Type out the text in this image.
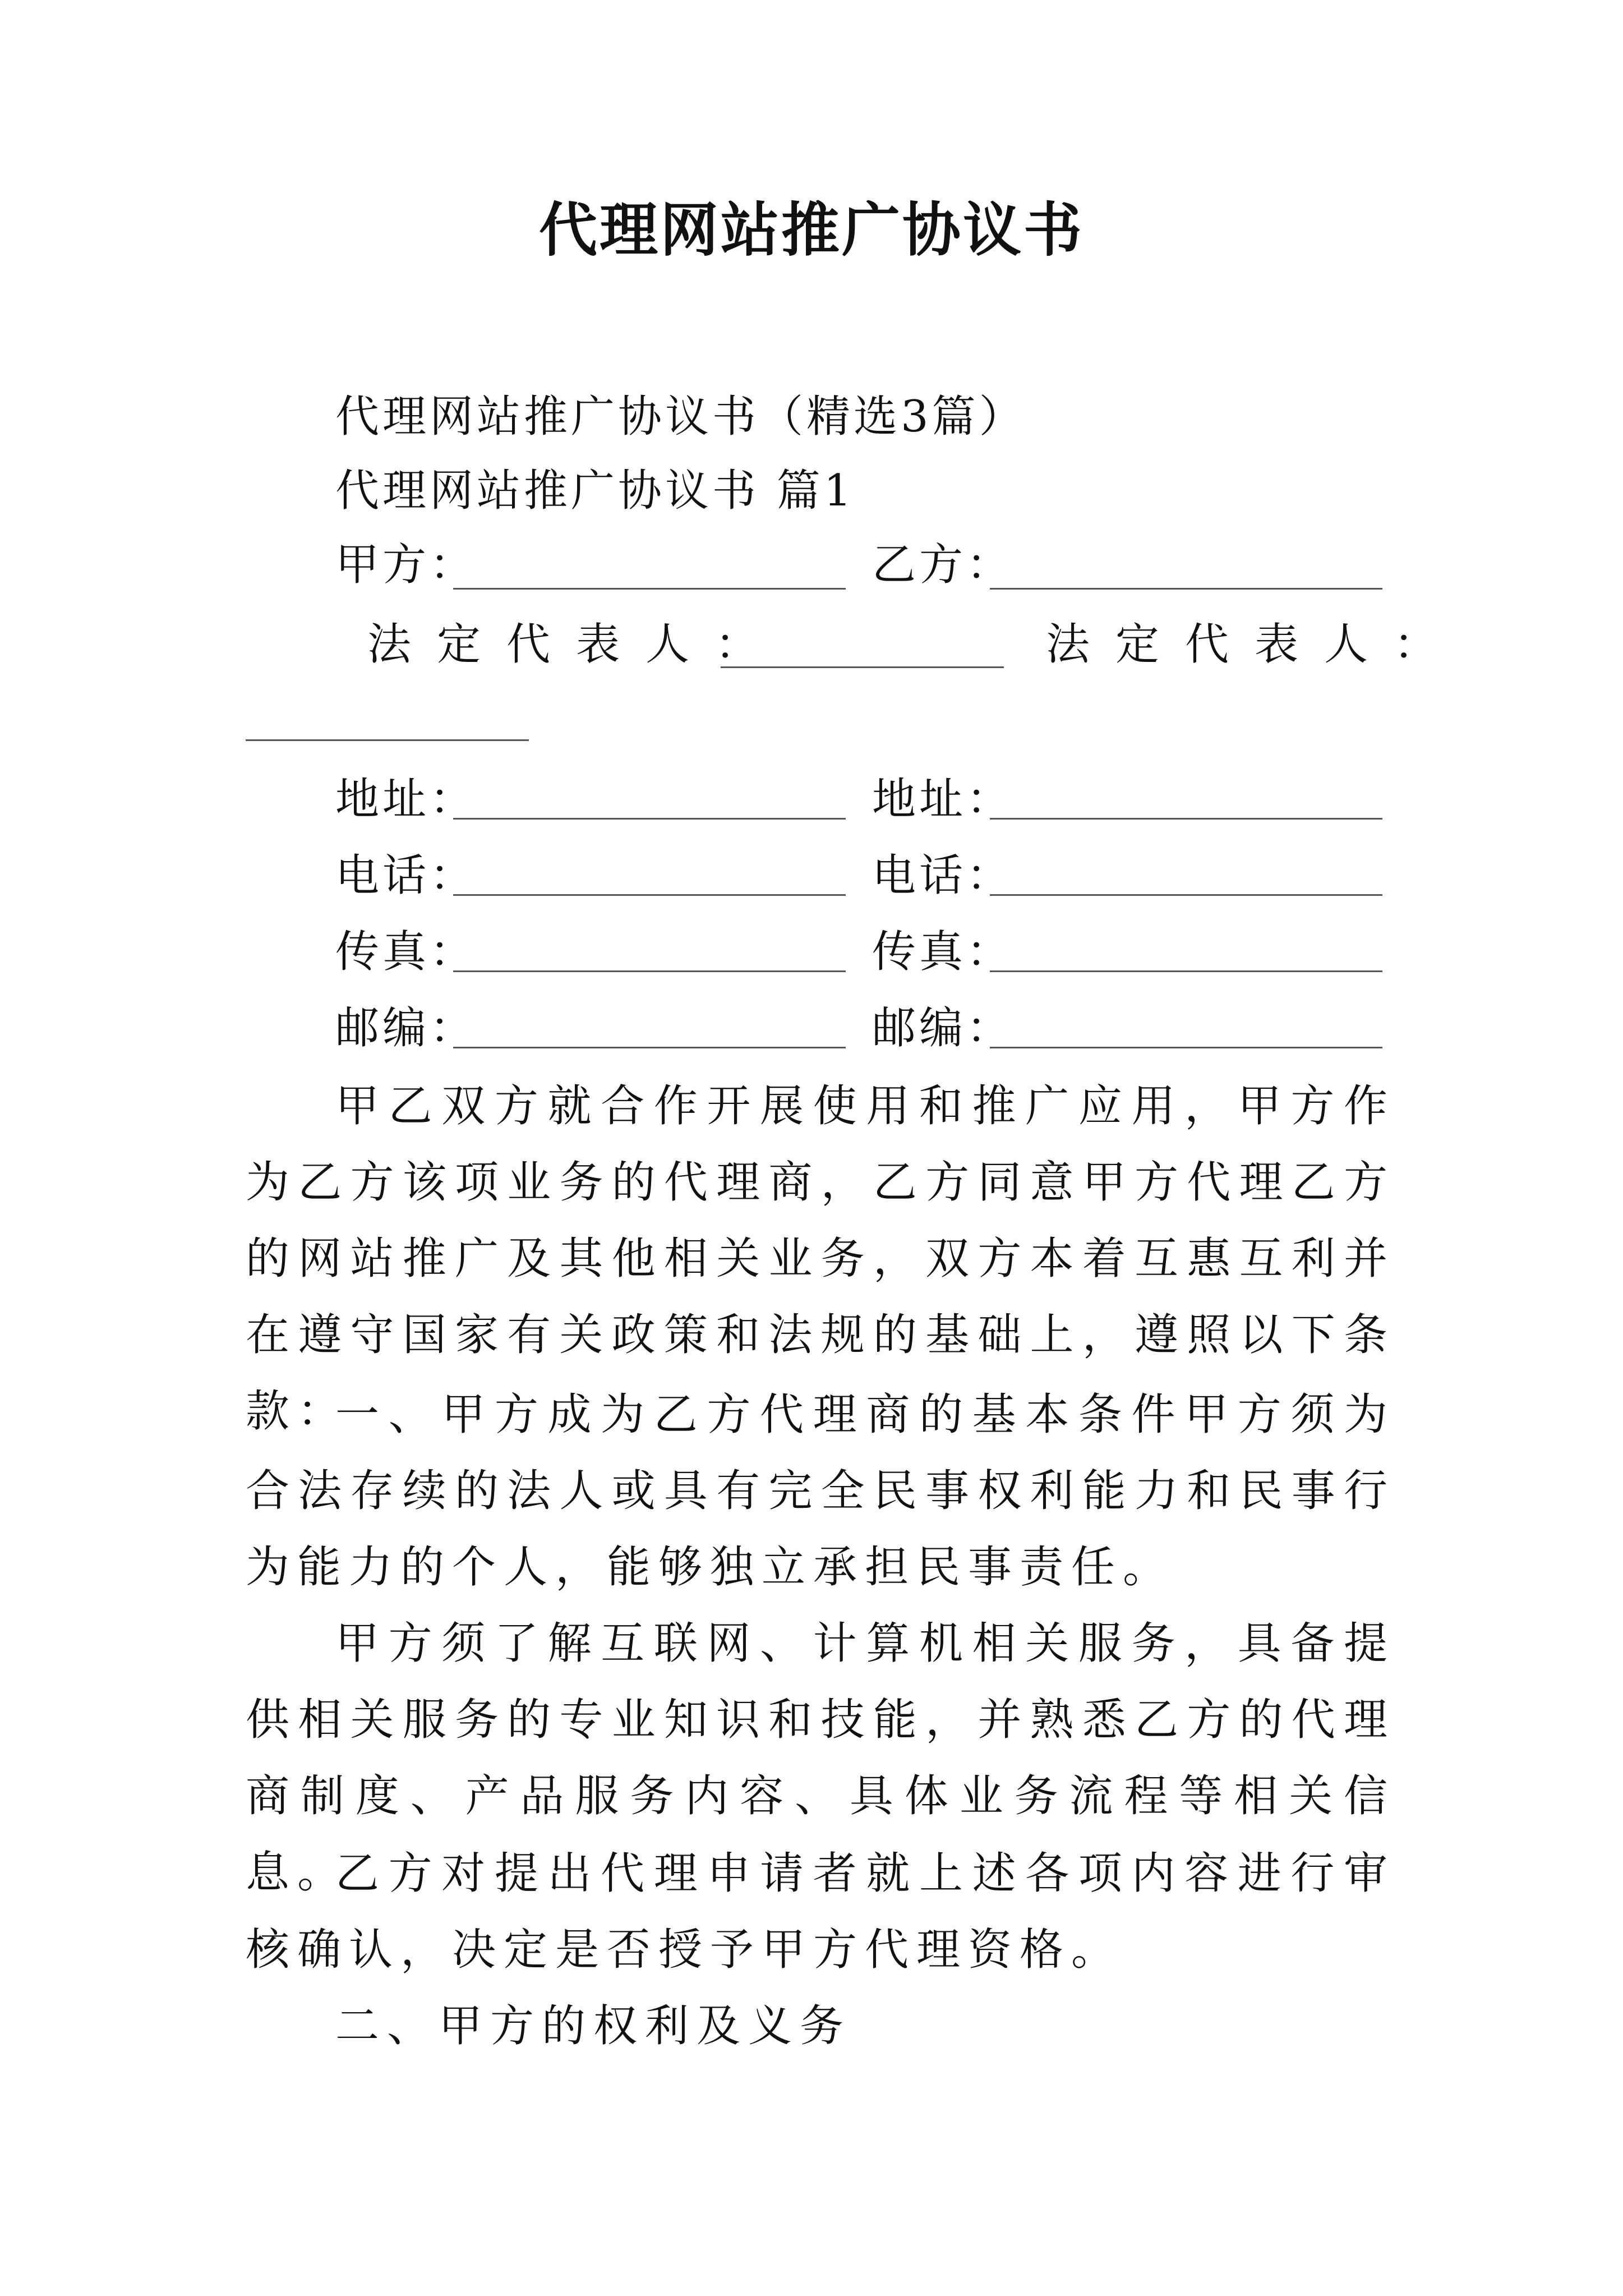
代理网站推广协议书
代理网站推广协议书（精选3篇）
代理网站推广协议书 篇1
甲方：	乙方：
法定代表人：	法定代表人：
地址：	地址：
电话：	电话：
传真：	传真：
邮编：	邮编：
甲乙双方就合作开展使用和推广应用，甲方作为乙方该项业务的代理商，乙方同意甲方代理乙方的网站推广及其他相关业务，双方本着互惠互利并在遵守国家有关政策和法规的基础上，遵照以下条款：
一、甲方成为乙方代理商的基本条件甲方须为合法存续的法人或具有完全民事权利能力和民事行为能力的个人，能够独立承担民事责任。
甲方须了解互联网、计算机相关服务，具备提供相关服务的专业知识和技能，并熟悉乙方的代理商制度、产品服务内容、具体业务流程等相关信息。
乙方对提出代理申请者就上述各项内容进行审核确认，决定是否授予甲方代理资格。
二、甲方的权利及义务
